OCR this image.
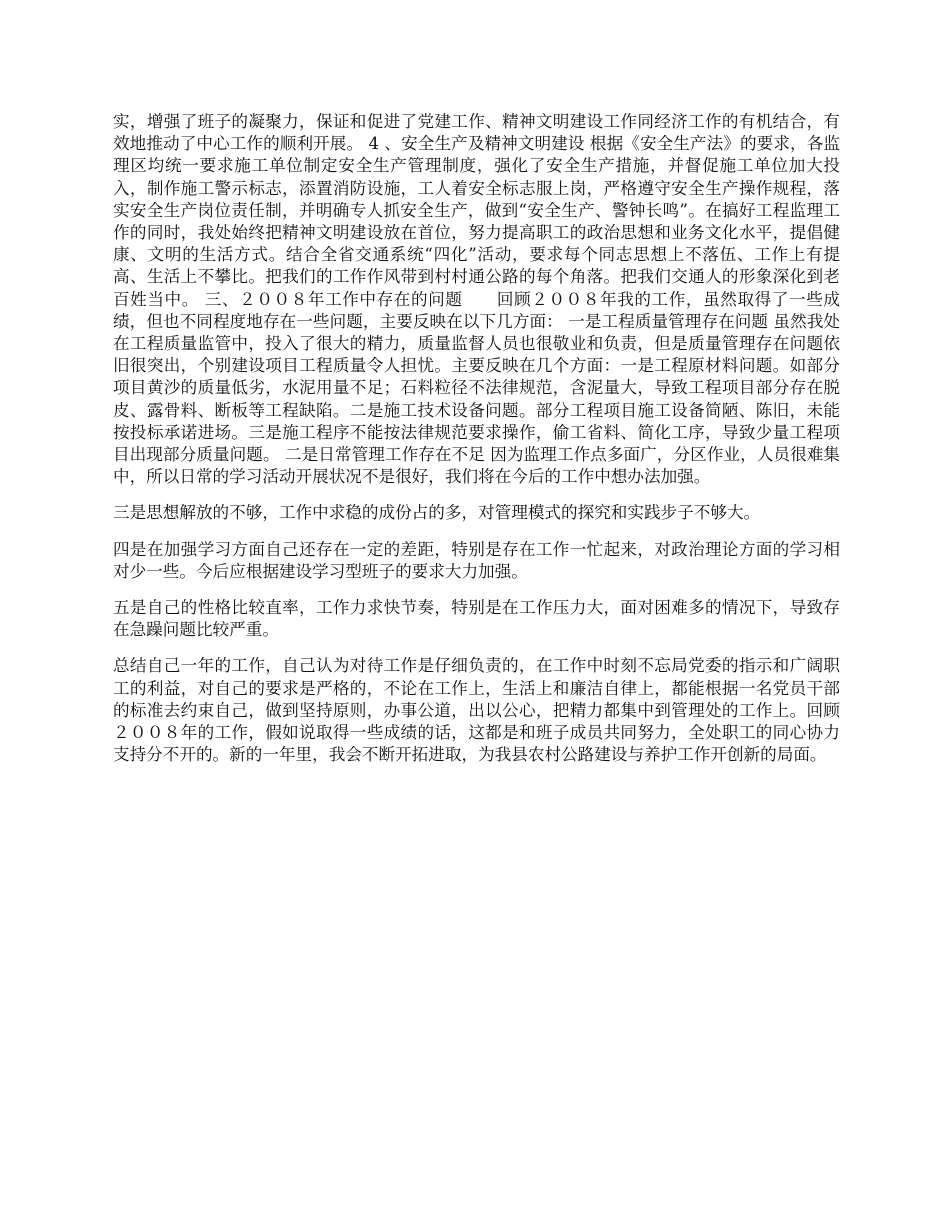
实，增强了班子的凝聚力，保证和促进了党建工作、精神文明建设工作同经济工作的有机结合，有效地推动了中心工作的顺利开展。 4 、安全生产及精神文明建设 根据《安全生产法》的要求，各监理区均统一要求施工单位制定安全生产管理制度，强化了安全生产措施，并督促施工单位加大投入，制作施工警示标志，添置消防设施，工人着安全标志服上岗，严格遵守安全生产操作规程，落实安全生产岗位责任制，并明确专人抓安全生产，做到“安全生产、警钟长鸣”。在搞好工程监理工作的同时，我处始终把精神文明建设放在首位，努力提高职工的政治思想和业务文化水平，提倡健康、文明的生活方式。结合全省交通系统“四化”活动，要求每个同志思想上不落伍、工作上有提高、生活上不攀比。把我们的工作作风带到村村通公路的每个角落。把我们交通人的形象深化到老百姓当中。 三、２００８年工作中存在的问题　　回顾２００８年我的工作，虽然取得了一些成绩，但也不同程度地存在一些问题，主要反映在以下几方面： 一是工程质量管理存在问题 虽然我处在工程质量监管中，投入了很大的精力，质量监督人员也很敬业和负责，但是质量管理存在问题依旧很突出，个别建设项目工程质量令人担忧。主要反映在几个方面：一是工程原材料问题。如部分项目黄沙的质量低劣，水泥用量不足；石料粒径不法律规范，含泥量大，导致工程项目部分存在脱皮、露骨料、断板等工程缺陷。二是施工技术设备问题。部分工程项目施工设备简陋、陈旧，未能按投标承诺进场。三是施工程序不能按法律规范要求操作，偷工省料、简化工序，导致少量工程项目出现部分质量问题。 二是日常管理工作存在不足 因为监理工作点多面广，分区作业，人员很难集中，所以日常的学习活动开展状况不是很好，我们将在今后的工作中想办法加强。

三是思想解放的不够，工作中求稳的成份占的多，对管理模式的探究和实践步子不够大。

四是在加强学习方面自己还存在一定的差距，特别是存在工作一忙起来，对政治理论方面的学习相对少一些。今后应根据建设学习型班子的要求大力加强。

五是自己的性格比较直率，工作力求快节奏，特别是在工作压力大，面对困难多的情况下，导致存在急躁问题比较严重。

总结自己一年的工作，自己认为对待工作是仔细负责的，在工作中时刻不忘局党委的指示和广阔职工的利益，对自己的要求是严格的，不论在工作上，生活上和廉洁自律上，都能根据一名党员干部的标准去约束自己，做到坚持原则，办事公道，出以公心，把精力都集中到管理处的工作上。回顾２００８年的工作，假如说取得一些成绩的话，这都是和班子成员共同努力，全处职工的同心协力支持分不开的。新的一年里，我会不断开拓进取，为我县农村公路建设与养护工作开创新的局面。
